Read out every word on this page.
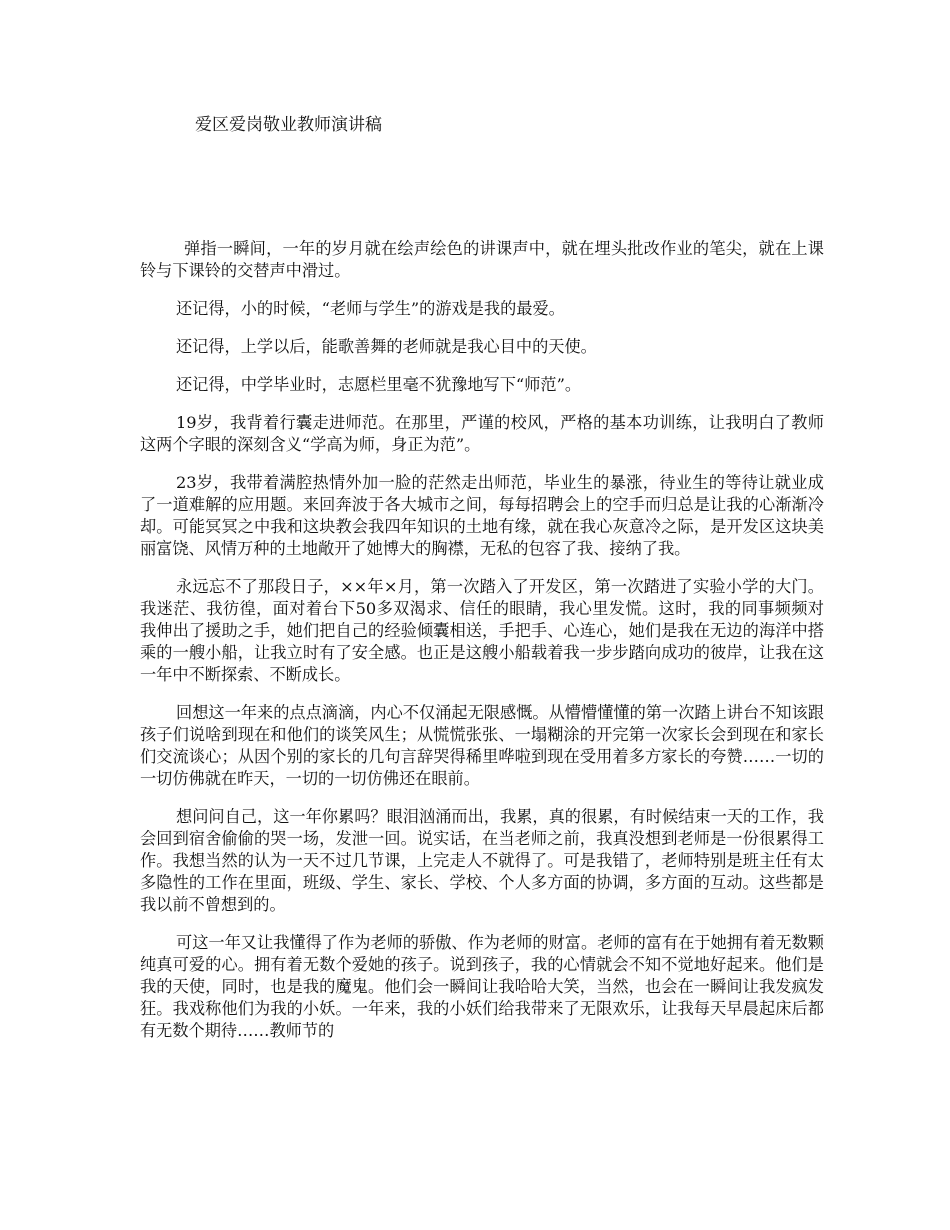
爱区爱岗敬业教师演讲稿

弹指一瞬间，一年的岁月就在绘声绘色的讲课声中，就在埋头批改作业的笔尖，就在上课铃与下课铃的交替声中滑过。

还记得，小的时候，“老师与学生”的游戏是我的最爱。

还记得，上学以后，能歌善舞的老师就是我心目中的天使。

还记得，中学毕业时，志愿栏里毫不犹豫地写下“师范”。

19岁，我背着行囊走进师范。在那里，严谨的校风，严格的基本功训练，让我明白了教师这两个字眼的深刻含义“学高为师，身正为范”。

23岁，我带着满腔热情外加一脸的茫然走出师范，毕业生的暴涨，待业生的等待让就业成了一道难解的应用题。来回奔波于各大城市之间，每每招聘会上的空手而归总是让我的心渐渐冷却。可能冥冥之中我和这块教会我四年知识的土地有缘，就在我心灰意冷之际，是开发区这块美丽富饶、风情万种的土地敞开了她博大的胸襟，无私的包容了我、接纳了我。

永远忘不了那段日子，××年×月，第一次踏入了开发区，第一次踏进了实验小学的大门。我迷茫、我彷徨，面对着台下50多双渴求、信任的眼睛，我心里发慌。这时，我的同事频频对我伸出了援助之手，她们把自己的经验倾囊相送，手把手、心连心，她们是我在无边的海洋中搭乘的一艘小船，让我立时有了安全感。也正是这艘小船载着我一步步踏向成功的彼岸，让我在这一年中不断探索、不断成长。

回想这一年来的点点滴滴，内心不仅涌起无限感慨。从懵懵懂懂的第一次踏上讲台不知该跟孩子们说啥到现在和他们的谈笑风生；从慌慌张张、一塌糊涂的开完第一次家长会到现在和家长们交流谈心；从因个别的家长的几句言辞哭得稀里哗啦到现在受用着多方家长的夸赞……一切的一切仿佛就在昨天，一切的一切仿佛还在眼前。

想问问自己，这一年你累吗？眼泪汹涌而出，我累，真的很累，有时候结束一天的工作，我会回到宿舍偷偷的哭一场，发泄一回。说实话，在当老师之前，我真没想到老师是一份很累得工作。我想当然的认为一天不过几节课，上完走人不就得了。可是我错了，老师特别是班主任有太多隐性的工作在里面，班级、学生、家长、学校、个人多方面的协调，多方面的互动。这些都是我以前不曾想到的。

可这一年又让我懂得了作为老师的骄傲、作为老师的财富。老师的富有在于她拥有着无数颗纯真可爱的心。拥有着无数个爱她的孩子。说到孩子，我的心情就会不知不觉地好起来。他们是我的天使，同时，也是我的魔鬼。他们会一瞬间让我哈哈大笑，当然，也会在一瞬间让我发疯发狂。我戏称他们为我的小妖。一年来，我的小妖们给我带来了无限欢乐，让我每天早晨起床后都有无数个期待……教师节的
